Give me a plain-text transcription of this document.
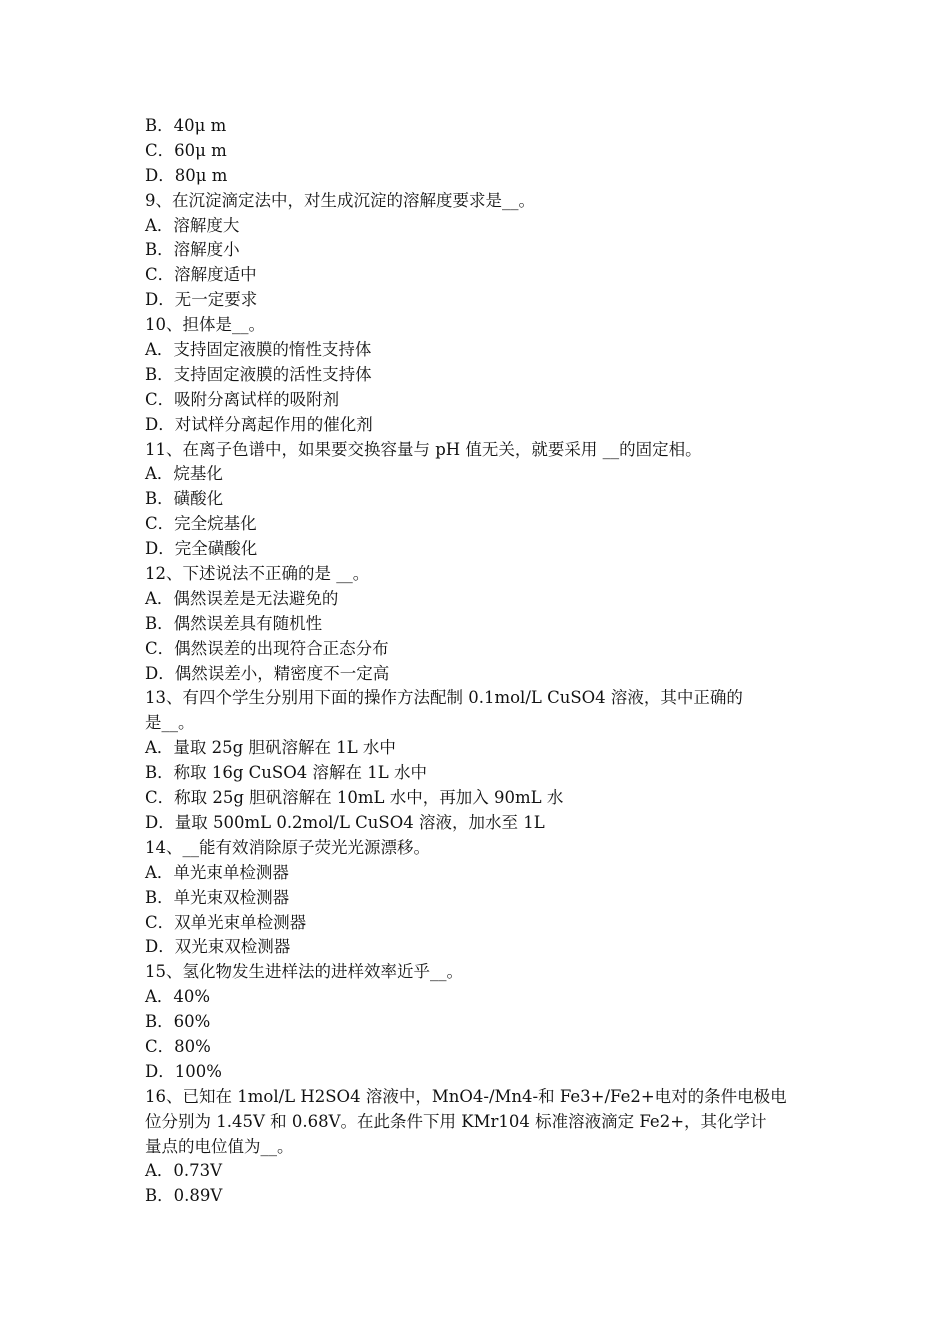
B．40μ m
C．60μ m
D．80μ m
9、在沉淀滴定法中，对生成沉淀的溶解度要求是__。
A．溶解度大
B．溶解度小
C．溶解度适中
D．无一定要求
10、担体是__。
A．支持固定液膜的惰性支持体
B．支持固定液膜的活性支持体
C．吸附分离试样的吸附剂
D．对试样分离起作用的催化剂
11、在离子色谱中，如果要交换容量与 pH 值无关，就要采用 __的固定相。
A．烷基化
B．磺酸化
C．完全烷基化
D．完全磺酸化
12、下述说法不正确的是 __。
A．偶然误差是无法避免的
B．偶然误差具有随机性
C．偶然误差的出现符合正态分布
D．偶然误差小，精密度不一定高
13、有四个学生分别用下面的操作方法配制 0.1mol/L CuSO4 溶液，其中正确的
是__。
A．量取 25g 胆矾溶解在 1L 水中
B．称取 16g CuSO4 溶解在 1L 水中
C．称取 25g 胆矾溶解在 10mL 水中，再加入 90mL 水
D．量取 500mL 0.2mol/L CuSO4 溶液，加水至 1L
14、__能有效消除原子荧光光源漂移。
A．单光束单检测器
B．单光束双检测器
C．双单光束单检测器
D．双光束双检测器
15、氢化物发生进样法的进样效率近乎__。
A．40%
B．60%
C．80%
D．100%
16、已知在 1mol/L H2SO4 溶液中，MnO4-/Mn4-和 Fe3+/Fe2+电对的条件电极电
位分别为 1.45V 和 0.68V。在此条件下用 KMr104 标准溶液滴定 Fe2+，其化学计
量点的电位值为__。
A．0.73V
B．0.89V
